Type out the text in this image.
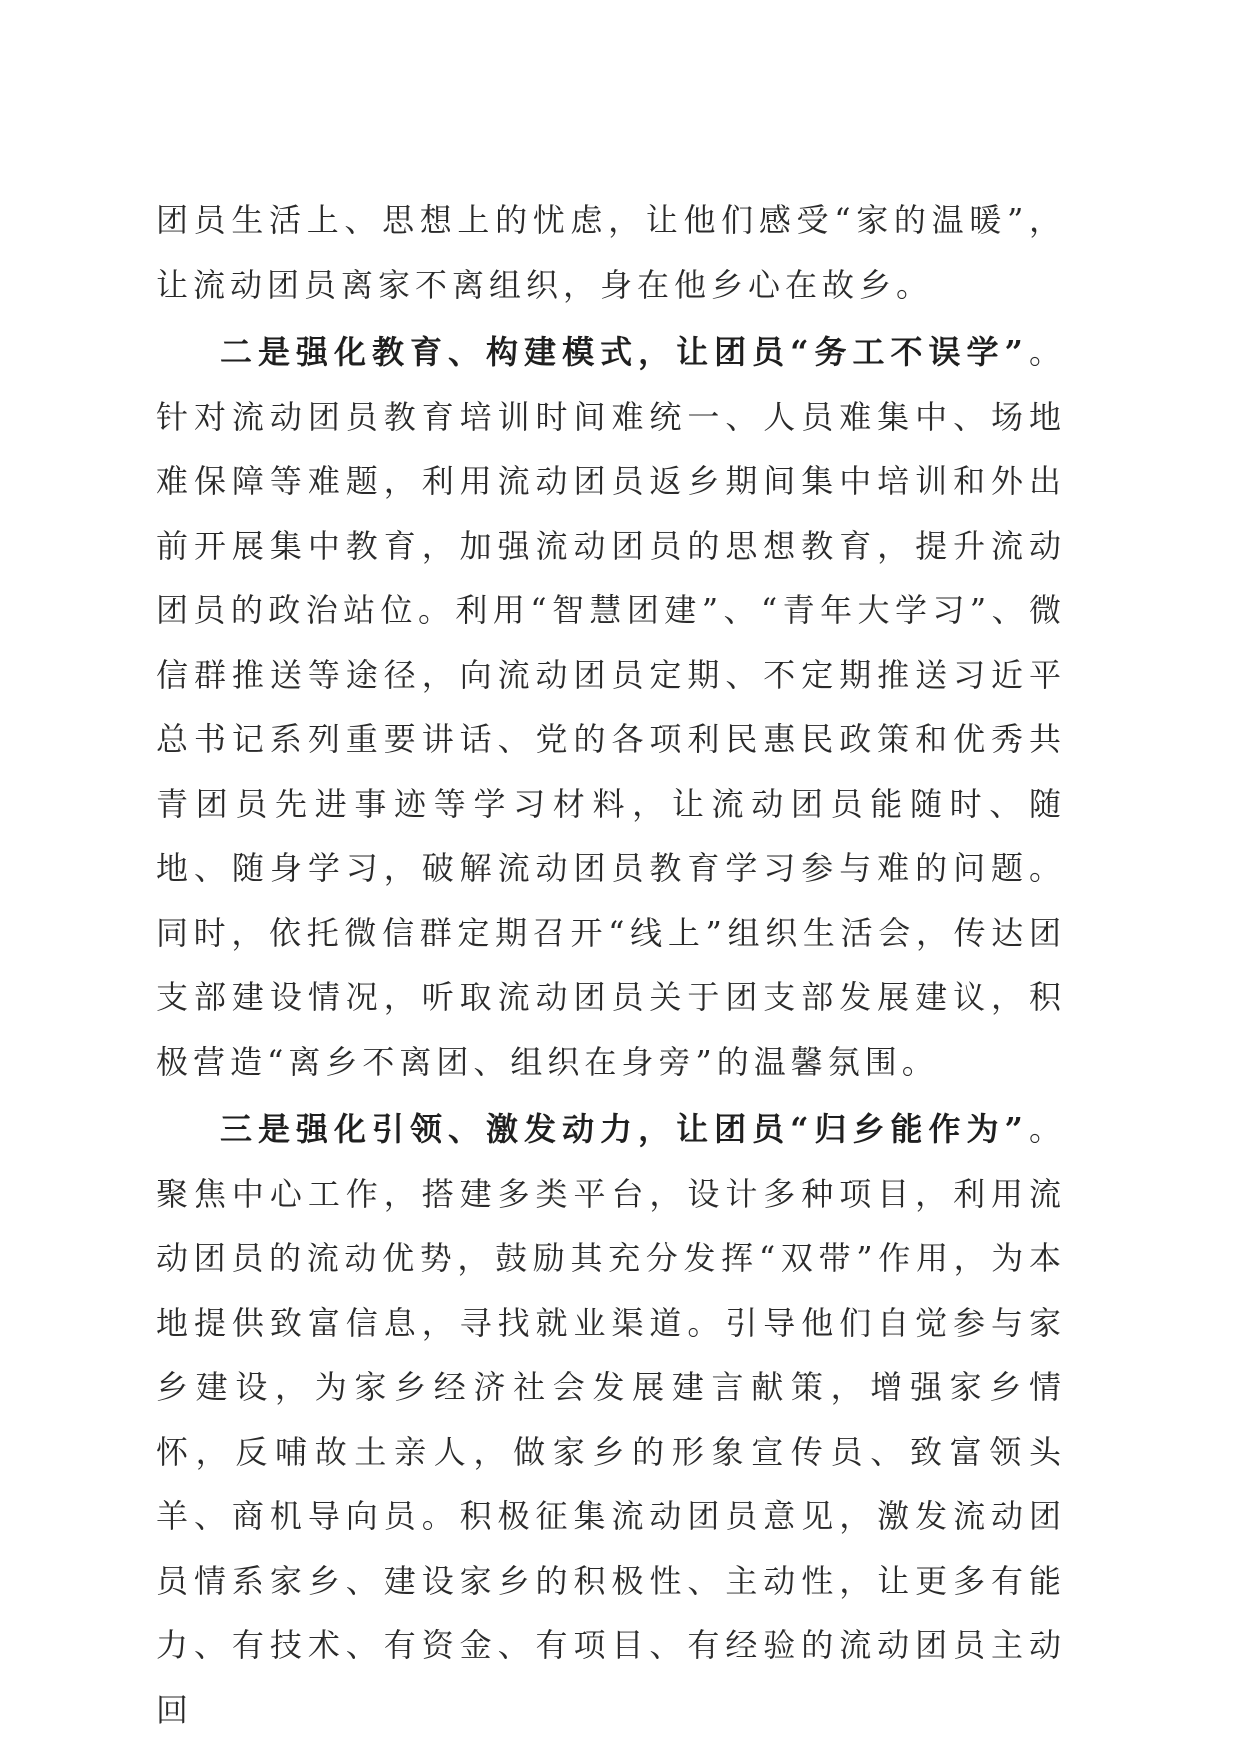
团员生活上、思想上的忧虑，让他们感受“家的温暖”，让流动团员离家不离组织，身在他乡心在故乡。

二是强化教育、构建模式，让团员“务工不误学”。针对流动团员教育培训时间难统一、人员难集中、场地难保障等难题，利用流动团员返乡期间集中培训和外出前开展集中教育，加强流动团员的思想教育，提升流动团员的政治站位。利用“智慧团建”、“青年大学习”、微信群推送等途径，向流动团员定期、不定期推送习近平总书记系列重要讲话、党的各项利民惠民政策和优秀共青团员先进事迹等学习材料，让流动团员能随时、随地、随身学习，破解流动团员教育学习参与难的问题。同时，依托微信群定期召开“线上”组织生活会，传达团支部建设情况，听取流动团员关于团支部发展建议，积极营造“离乡不离团、组织在身旁”的温馨氛围。

三是强化引领、激发动力，让团员“归乡能作为”。聚焦中心工作，搭建多类平台，设计多种项目，利用流动团员的流动优势，鼓励其充分发挥“双带”作用，为本地提供致富信息，寻找就业渠道。引导他们自觉参与家乡建设，为家乡经济社会发展建言献策，增强家乡情怀，反哺故土亲人，做家乡的形象宣传员、致富领头羊、商机导向员。积极征集流动团员意见，激发流动团员情系家乡、建设家乡的积极性、主动性，让更多有能力、有技术、有资金、有项目、有经验的流动团员主动回
